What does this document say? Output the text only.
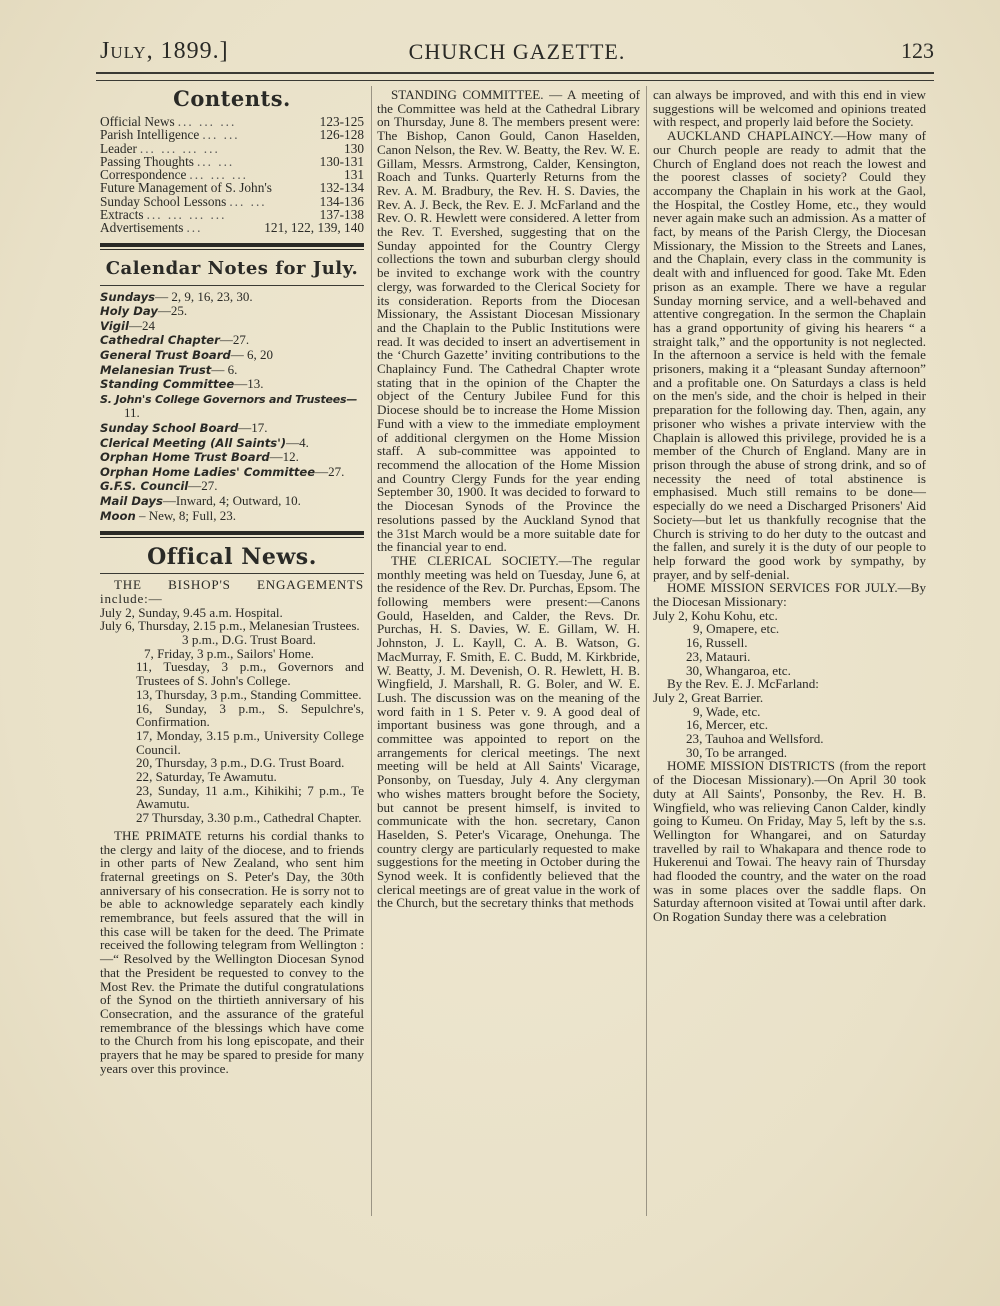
July, 1899.]	CHURCH GAZETTE.	123
Contents.
Official News ... ... ...	123-125
Parish Intelligence ... ...	126-128
Leader ... ... ... ...	130
Passing Thoughts ... ...	130-131
Correspondence ... ... ...	131
Future Management of S. John's	132-134
Sunday School Lessons ... ...	134-136
Extracts ... ... ... ...	137-138
Advertisements ...	121, 122, 139, 140
Calendar Notes for July.
Sundays— 2, 9, 16, 23, 30.
Holy Day—25.
Vigil—24
Cathedral Chapter—27.
General Trust Board— 6, 20
Melanesian Trust— 6.
Standing Committee—13.
S. John's College Governors and Trustees—
11.
Sunday School Board—17.
Clerical Meeting (All Saints')—4.
Orphan Home Trust Board—12.
Orphan Home Ladies' Committee—27.
G.F.S. Council—27.
Mail Days—Inward, 4; Outward, 10.
Moon – New, 8; Full, 23.
Offical News.

THE BISHOP'S ENGAGEMENTS include:—

July 2, Sunday, 9.45 a.m. Hospital.
July 6, Thursday, 2.15 p.m., Melanesian Trustees.
3 p.m., D.G. Trust Board.
7, Friday, 3 p.m., Sailors' Home.
11, Tuesday, 3 p.m., Governors and Trustees of S. John's College.
13, Thursday, 3 p.m., Standing Committee.
16, Sunday, 3 p.m., S. Sepulchre's, Confirmation.
17, Monday, 3.15 p.m., University College Council.
20, Thursday, 3 p.m., D.G. Trust Board.
22, Saturday, Te Awamutu.
23, Sunday, 11 a.m., Kihikihi; 7 p.m., Te Awamutu.
27 Thursday, 3.30 p.m., Cathedral Chapter.

THE PRIMATE returns his cordial thanks to the clergy and laity of the diocese, and to friends in other parts of New Zealand, who sent him fraternal greetings on S. Peter's Day, the 30th anniversary of his consecration. He is sorry not to be able to acknowledge separately each kindly remembrance, but feels assured that the will in this case will be taken for the deed. The Primate received the following telegram from Wellington :—“ Resolved by the Wellington Diocesan Synod that the President be requested to convey to the Most Rev. the Primate the dutiful congratulations of the Synod on the thirtieth anniversary of his Consecration, and the assurance of the grateful remembrance of the blessings which have come to the Church from his long episcopate, and their prayers that he may be spared to preside for many years over this province.

STANDING COMMITTEE. — A meeting of the Committee was held at the Cathedral Library on Thursday, June 8. The members present were: The Bishop, Canon Gould, Canon Haselden, Canon Nelson, the Rev. W. Beatty, the Rev. W. E. Gillam, Messrs. Armstrong, Calder, Kensington, Roach and Tunks. Quarterly Returns from the Rev. A. M. Bradbury, the Rev. H. S. Davies, the Rev. A. J. Beck, the Rev. E. J. McFarland and the Rev. O. R. Hewlett were considered. A letter from the Rev. T. Evershed, suggesting that on the Sunday appointed for the Country Clergy collections the town and suburban clergy should be invited to exchange work with the country clergy, was forwarded to the Clerical Society for its consideration. Reports from the Diocesan Missionary, the Assistant Diocesan Missionary and the Chaplain to the Public Institutions were read. It was decided to insert an advertisement in the ‘Church Gazette’ inviting contributions to the Chaplaincy Fund. The Cathedral Chapter wrote stating that in the opinion of the Chapter the object of the Century Jubilee Fund for this Diocese should be to increase the Home Mission Fund with a view to the immediate employment of additional clergymen on the Home Mission staff. A sub-committee was appointed to recommend the allocation of the Home Mission and Country Clergy Funds for the year ending September 30, 1900. It was decided to forward to the Diocesan Synods of the Province the resolutions passed by the Auckland Synod that the 31st March would be a more suitable date for the financial year to end.

THE CLERICAL SOCIETY.—The regular monthly meeting was held on Tuesday, June 6, at the residence of the Rev. Dr. Purchas, Epsom. The following members were present:—Canons Gould, Haselden, and Calder, the Revs. Dr. Purchas, H. S. Davies, W. E. Gillam, W. H. Johnston, J. L. Kayll, C. A. B. Watson, G. MacMurray, F. Smith, E. C. Budd, M. Kirkbride, W. Beatty, J. M. Devenish, O. R. Hewlett, H. B. Wingfield, J. Marshall, R. G. Boler, and W. E. Lush. The discussion was on the meaning of the word faith in 1 S. Peter v. 9. A good deal of important business was gone through, and a committee was appointed to report on the arrangements for clerical meetings. The next meeting will be held at All Saints' Vicarage, Ponsonby, on Tuesday, July 4. Any clergyman who wishes matters brought before the Society, but cannot be present himself, is invited to communicate with the hon. secretary, Canon Haselden, S. Peter's Vicarage, Onehunga. The country clergy are particularly requested to make suggestions for the meeting in October during the Synod week. It is confidently believed that the clerical meetings are of great value in the work of the Church, but the secretary thinks that methods

can always be improved, and with this end in view suggestions will be welcomed and opinions treated with respect, and properly laid before the Society.

AUCKLAND CHAPLAINCY.—How many of our Church people are ready to admit that the Church of England does not reach the lowest and the poorest classes of society? Could they accompany the Chaplain in his work at the Gaol, the Hospital, the Costley Home, etc., they would never again make such an admission. As a matter of fact, by means of the Parish Clergy, the Diocesan Missionary, the Mission to the Streets and Lanes, and the Chaplain, every class in the community is dealt with and influenced for good. Take Mt. Eden prison as an example. There we have a regular Sunday morning service, and a well-behaved and attentive congregation. In the sermon the Chaplain has a grand opportunity of giving his hearers “ a straight talk,” and the opportunity is not neglected. In the afternoon a service is held with the female prisoners, making it a “pleasant Sunday afternoon” and a profitable one. On Saturdays a class is held on the men's side, and the choir is helped in their preparation for the following day. Then, again, any prisoner who wishes a private interview with the Chaplain is allowed this privilege, provided he is a member of the Church of England. Many are in prison through the abuse of strong drink, and so of necessity the need of total abstinence is emphasised. Much still remains to be done—especially do we need a Discharged Prisoners' Aid Society—but let us thankfully recognise that the Church is striving to do her duty to the outcast and the fallen, and surely it is the duty of our people to help forward the good work by sympathy, by prayer, and by self-denial.

HOME MISSION SERVICES FOR JULY.—By the Diocesan Missionary:

July 2, Kohu Kohu, etc.
9, Omapere, etc.
16, Russell.
23, Matauri.
30, Whangaroa, etc.

By the Rev. E. J. McFarland:

July 2, Great Barrier.
9, Wade, etc.
16, Mercer, etc.
23, Tauhoa and Wellsford.
30, To be arranged.

HOME MISSION DISTRICTS (from the report of the Diocesan Missionary).—On April 30 took duty at All Saints', Ponsonby, the Rev. H. B. Wingfield, who was relieving Canon Calder, kindly going to Kumeu. On Friday, May 5, left by the s.s. Wellington for Whangarei, and on Saturday travelled by rail to Whakapara and thence rode to Hukerenui and Towai. The heavy rain of Thursday had flooded the country, and the water on the road was in some places over the saddle flaps. On Saturday afternoon visited at Towai until after dark. On Rogation Sunday there was a celebration
